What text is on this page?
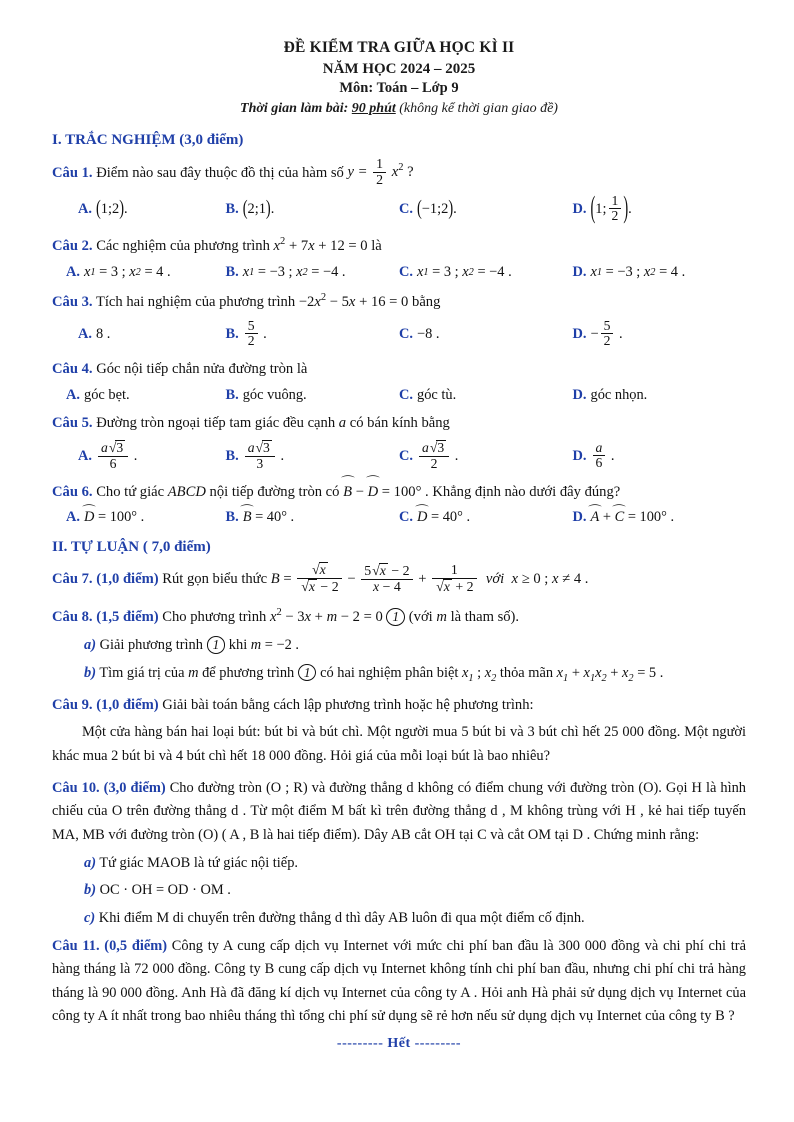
ĐỀ KIỂM TRA GIỮA HỌC KÌ II
NĂM HỌC 2024 – 2025
Môn: Toán – Lớp 9
Thời gian làm bài: 90 phút (không kể thời gian giao đề)
I. TRẮC NGHIỆM (3,0 điểm)
Câu 1. Điểm nào sau đây thuộc đồ thị của hàm số $y = \frac{1}{2} x^2$ ?
A. ( 1;2 ) .	B. ( 2;1 ) .	C. ( −1;2 ) .	D. ( 1; $\frac{1}{2}$ ) .
Câu 2. Các nghiệm của phương trình $x^2 + 7x + 12 = 0$ là
A. x 1 = 3 ; x 2 = 4 .	B. x 1 = −3 ; x 2 = −4 .	C. x 1 = 3 ; x 2 = −4 .	D. x 1 = −3 ; x 2 = 4 .
Câu 3. Tích hai nghiệm của phương trình $-2x^2 - 5x + 16 = 0$ bằng
A. 8 .	B. $\frac{5}{2}$ .	C. −8 .	D. − $\frac{5}{2}$ .
Câu 4. Góc nội tiếp chắn nửa đường tròn là
A. góc bẹt.	B. góc vuông.	C. góc tù.	D. góc nhọn.
Câu 5. Đường tròn ngoại tiếp tam giác đều cạnh a có bán kính bằng
A. $\frac{a√3}{6}$ .	B. $\frac{a√3}{3}$ .	C. $\frac{a√3}{2}$ .	D. $\frac{a}{6}$ .
Câu 6. Cho tứ giác ABCD nội tiếp đường tròn có ⌒ B − ⌒ D = 100° . Khẳng định nào dưới đây đúng?
A. ⌒ D = 100° .	B. ⌒ B = 40° .	C. ⌒ D = 40° .	D. ⌒ A + ⌒ C = 100° .
II. TỰ LUẬN ( 7,0 điểm)
Câu 7. (1,0 điểm) Rút gọn biểu thức $B = \frac{√x}{√x - 2} - \frac{5√x - 2}{x - 4} + \frac{1}{√x + 2}$ với  x ≥ 0 ; x ≠ 4 .
Câu 8. (1,5 điểm) Cho phương trình $x^2 - 3x + m - 2 = 0$ 1 (với m là tham số).
a) Giải phương trình 1 khi m = −2 .
b) Tìm giá trị của m để phương trình 1 có hai nghiệm phân biệt $x_1$ ; $x_2$ thỏa mãn $x_1 + x_1x_2 + x_2 = 5$ .
Câu 9. (1,0 điểm) Giải bài toán bằng cách lập phương trình hoặc hệ phương trình:
Một cửa hàng bán hai loại bút: bút bi và bút chì. Một người mua 5 bút bi và 3 bút chì hết 25 000 đồng. Một người khác mua 2 bút bi và 4 bút chì hết 18 000 đồng. Hỏi giá của mỗi loại bút là bao nhiêu?
Câu 10. (3,0 điểm) Cho đường tròn (O ; R) và đường thẳng d không có điểm chung với đường tròn (O). Gọi H là hình chiếu của O trên đường thẳng d . Từ một điểm M bất kì trên đường thẳng d , M không trùng với H , kẻ hai tiếp tuyến MA, MB với đường tròn (O) ( A , B là hai tiếp điểm). Dây AB cắt OH tại C và cắt OM tại D . Chứng minh rằng:
a) Tứ giác MAOB là tứ giác nội tiếp.
b) OC · OH = OD · OM .
c) Khi điểm M di chuyển trên đường thẳng d thì dây AB luôn đi qua một điểm cố định.
Câu 11. (0,5 điểm) Công ty A cung cấp dịch vụ Internet với mức chi phí ban đầu là 300 000 đồng và chi phí chi trả hàng tháng là 72 000 đồng. Công ty B cung cấp dịch vụ Internet không tính chi phí ban đầu, nhưng chi phí chi trả hàng tháng là 90 000 đồng. Anh Hà đã đăng kí dịch vụ Internet của công ty A . Hỏi anh Hà phải sử dụng dịch vụ Internet của công ty A ít nhất trong bao nhiêu tháng thì tổng chi phí sử dụng sẽ rẻ hơn nếu sử dụng dịch vụ Internet của công ty B ?
--------- Hết ---------
